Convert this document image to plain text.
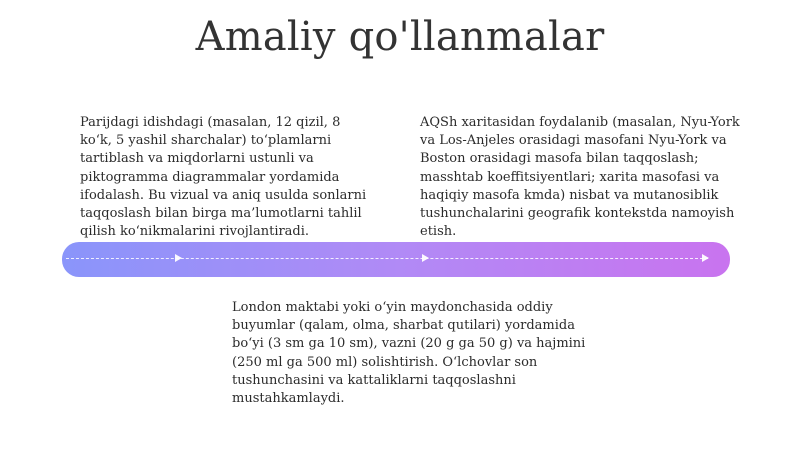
Amaliy qo'llanmalar

Parijdagi idishdagi (masalan, 12 qizil, 8 ko‘k, 5 yashil sharchalar) to‘plamlarni tartiblash va miqdorlarni ustunli va piktogramma diagrammalar yordamida ifodalash. Bu vizual va aniq usulda sonlarni taqqoslash bilan birga ma’lumotlarni tahlil qilish ko‘nikmalarini rivojlantiradi.

AQSh xaritasidan foydalanib (masalan, Nyu-York va Los-Anjeles orasidagi masofani Nyu-York va Boston orasidagi masofa bilan taqqoslash; masshtab koeffitsiyentlari; xarita masofasi va haqiqiy masofa kmda) nisbat va mutanosiblik tushunchalarini geografik kontekstda namoyish etish.

London maktabi yoki o‘yin maydonchasida oddiy buyumlar (qalam, olma, sharbat qutilari) yordamida bo‘yi (3 sm ga 10 sm), vazni (20 g ga 50 g) va hajmini (250 ml ga 500 ml) solishtirish. O‘lchovlar son tushunchasini va kattaliklarni taqqoslashni mustahkamlaydi.
